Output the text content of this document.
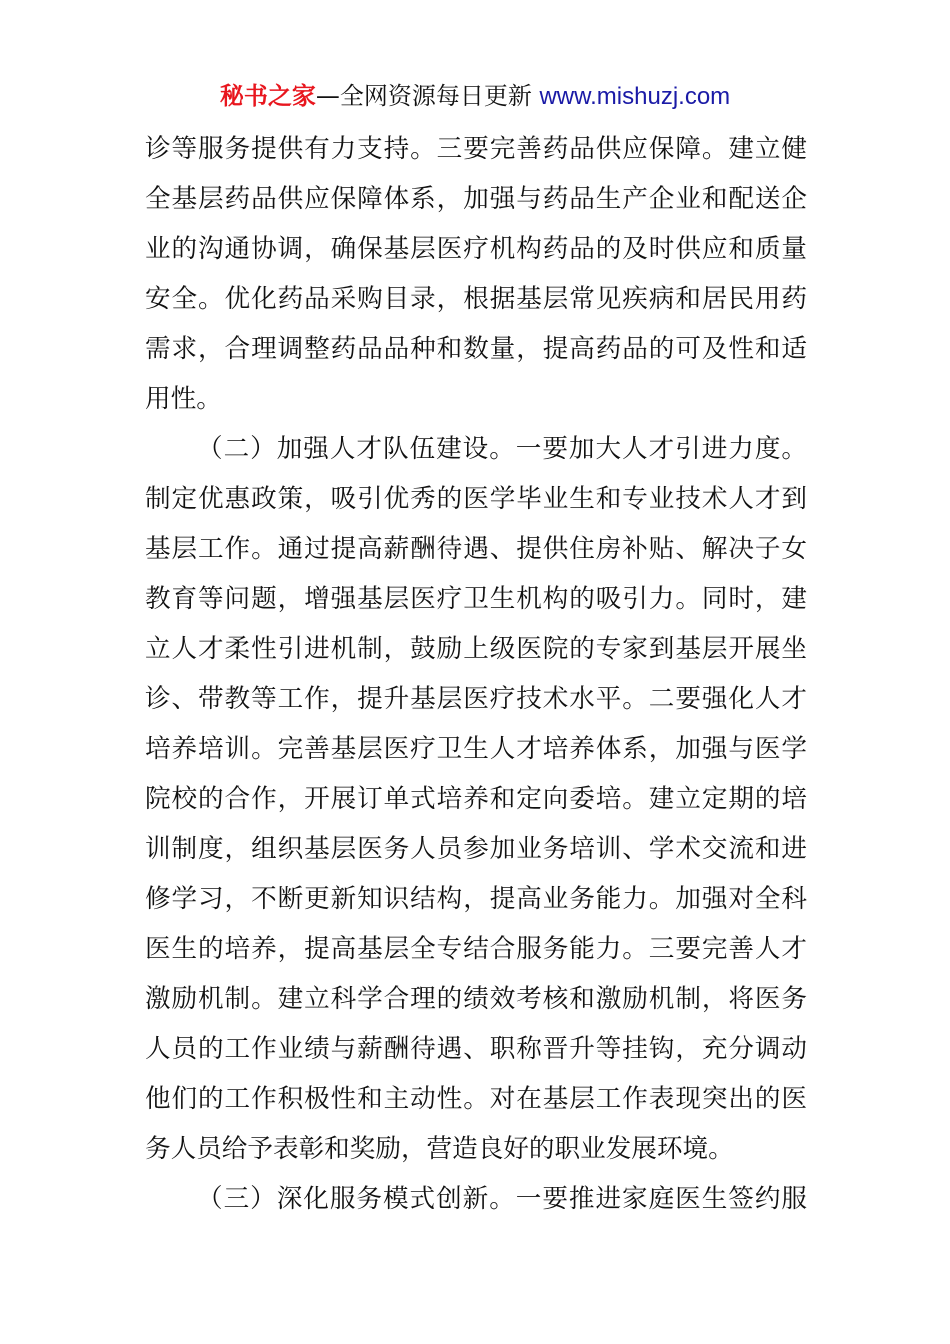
秘书之家—全网资源每日更新 www.mishuzj.com
诊等服务提供有力支持。三要完善药品供应保障。建立健
全基层药品供应保障体系，加强与药品生产企业和配送企
业的沟通协调，确保基层医疗机构药品的及时供应和质量
安全。优化药品采购目录，根据基层常见疾病和居民用药
需求，合理调整药品品种和数量，提高药品的可及性和适
用性。
（二）加强人才队伍建设。一要加大人才引进力度。
制定优惠政策，吸引优秀的医学毕业生和专业技术人才到
基层工作。通过提高薪酬待遇、提供住房补贴、解决子女
教育等问题，增强基层医疗卫生机构的吸引力。同时，建
立人才柔性引进机制，鼓励上级医院的专家到基层开展坐
诊、带教等工作，提升基层医疗技术水平。二要强化人才
培养培训。完善基层医疗卫生人才培养体系，加强与医学
院校的合作，开展订单式培养和定向委培。建立定期的培
训制度，组织基层医务人员参加业务培训、学术交流和进
修学习，不断更新知识结构，提高业务能力。加强对全科
医生的培养，提高基层全专结合服务能力。三要完善人才
激励机制。建立科学合理的绩效考核和激励机制，将医务
人员的工作业绩与薪酬待遇、职称晋升等挂钩，充分调动
他们的工作积极性和主动性。对在基层工作表现突出的医
务人员给予表彰和奖励，营造良好的职业发展环境。
（三）深化服务模式创新。一要推进家庭医生签约服
